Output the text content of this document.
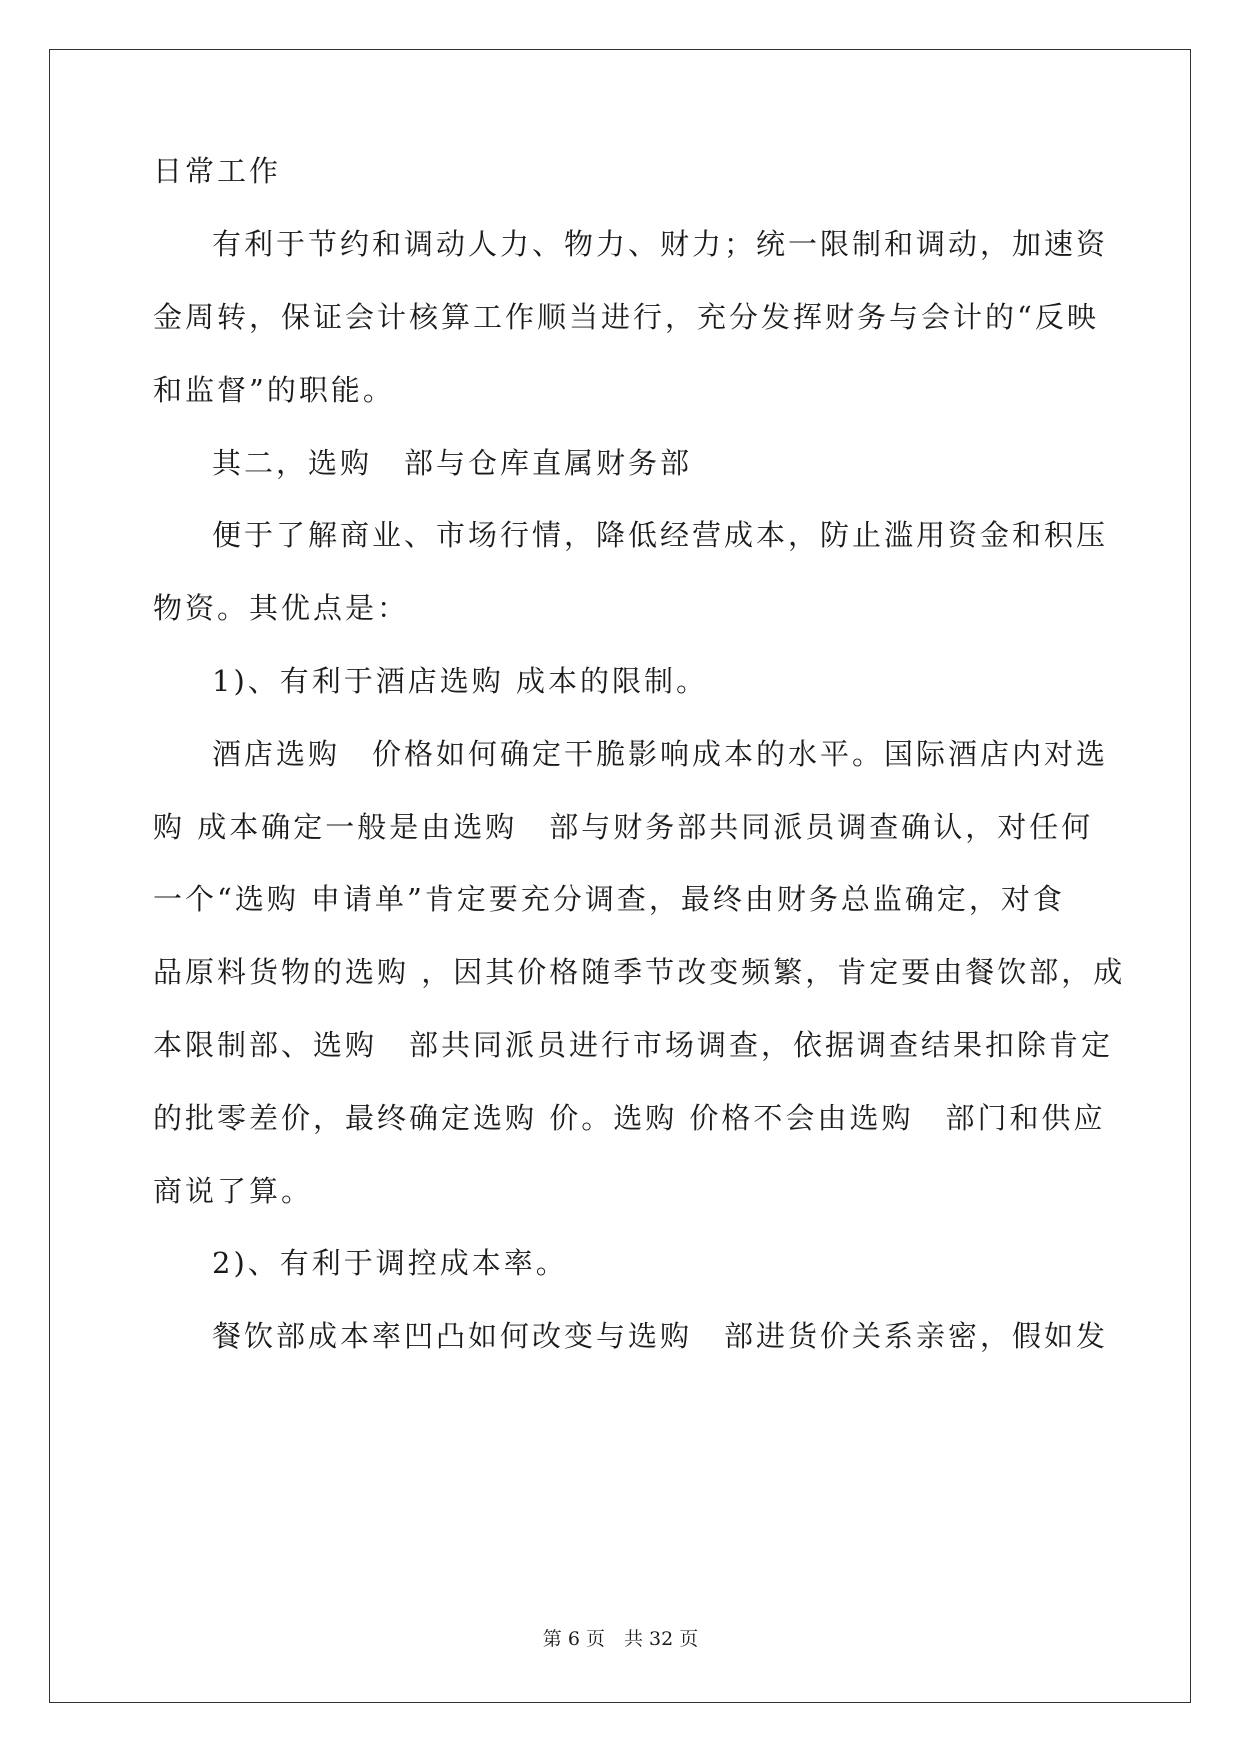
日常工作
有利于节约和调动人力、物力、财力；统一限制和调动，加速资
金周转，保证会计核算工作顺当进行，充分发挥财务与会计的“反映
和监督”的职能。
其二，选购　部与仓库直属财务部
便于了解商业、市场行情，降低经营成本，防止滥用资金和积压
物资。其优点是：
1)、有利于酒店选购 成本的限制。
酒店选购　价格如何确定干脆影响成本的水平。国际酒店内对选
购 成本确定一般是由选购　部与财务部共同派员调查确认，对任何
一个“选购 申请单”肯定要充分调查，最终由财务总监确定，对食
品原料货物的选购 ，因其价格随季节改变频繁，肯定要由餐饮部，成
本限制部、选购　部共同派员进行市场调查，依据调查结果扣除肯定
的批零差价，最终确定选购 价。选购 价格不会由选购　部门和供应
商说了算。
2)、有利于调控成本率。
餐饮部成本率凹凸如何改变与选购　部进货价关系亲密，假如发
第 6 页　共 32 页
